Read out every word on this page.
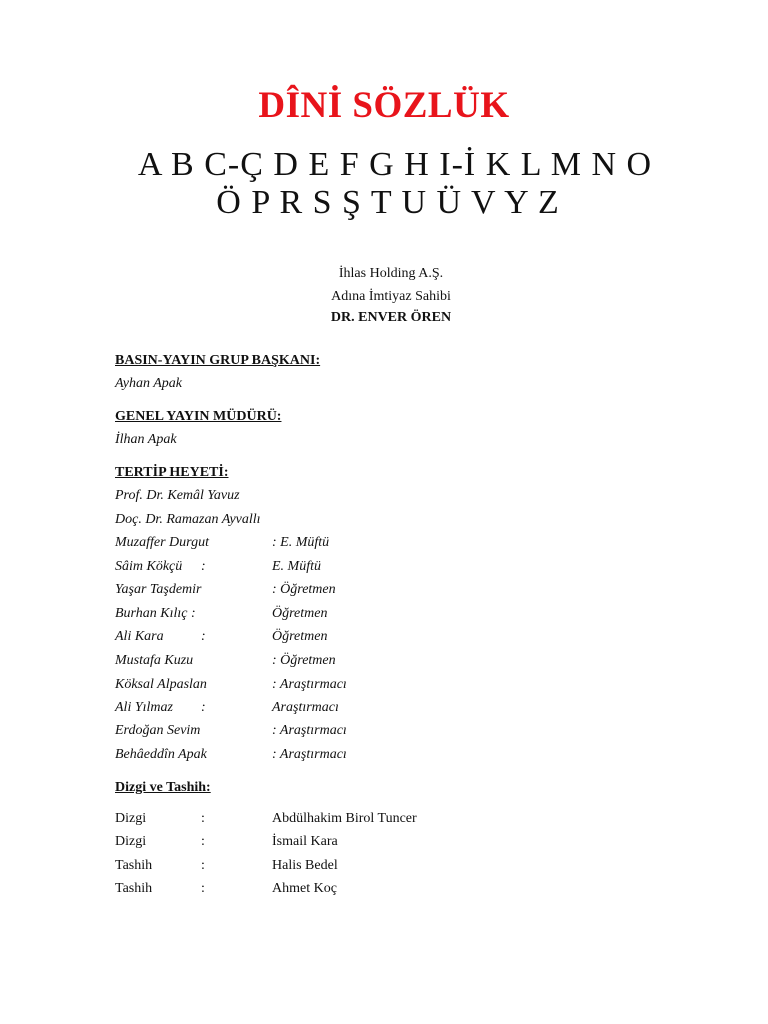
DÎNİ SÖZLÜK
A B C-Ç D E F G H I-İ K L M N O
Ö P R S Ş T U Ü V Y Z
İhlas Holding A.Ş.
Adına İmtiyaz Sahibi
DR. ENVER ÖREN
BASIN-YAYIN GRUP BAŞKANI:
Ayhan Apak
GENEL YAYIN MÜDÜRÜ:
İlhan Apak
TERTİP HEYETİ:
Prof. Dr. Kemâl Yavuz
Doç. Dr. Ramazan Ayvallı
Muzaffer Durgut	: E. Müftü
Sâim Kökçü :	E. Müftü
Yaşar Taşdemir	: Öğretmen
Burhan Kılıç :	Öğretmen
Ali Kara	:	Öğretmen
Mustafa Kuzu	: Öğretmen
Köksal Alpaslan	: Araştırmacı
Ali Yılmaz :	Araştırmacı
Erdoğan Sevim	: Araştırmacı
Behâeddîn Apak	: Araştırmacı
Dizgi ve Tashih:
Dizgi	:	Abdülhakim Birol Tuncer
Dizgi	:	İsmail Kara
Tashih	:	Halis Bedel
Tashih	:	Ahmet Koç
